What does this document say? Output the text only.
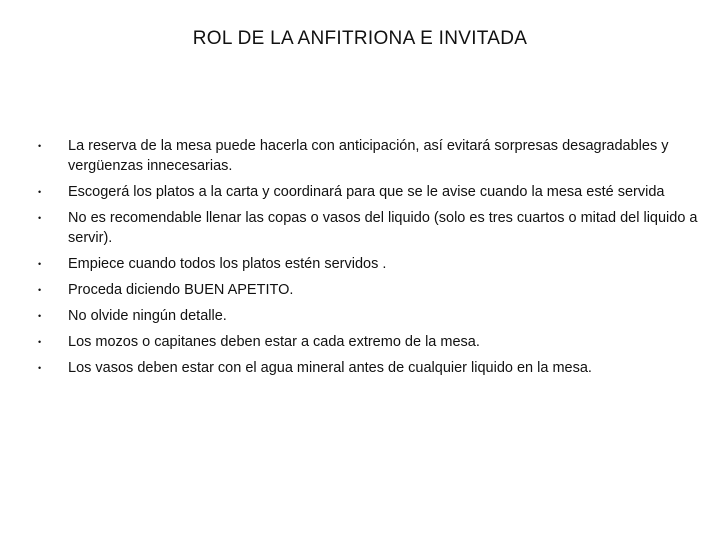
ROL DE LA ANFITRIONA E INVITADA
• La reserva de la mesa puede hacerla con anticipación, así evitará sorpresas desagradables y vergüenzas innecesarias.
• Escogerá los platos a la carta y coordinará para que se le avise cuando la mesa esté servida
• No es recomendable llenar las copas o vasos del liquido (solo es tres cuartos o mitad del liquido a servir).
• Empiece cuando todos los platos estén servidos .
• Proceda diciendo BUEN APETITO.
• No olvide ningún detalle.
• Los mozos o capitanes deben estar a cada extremo de la mesa.
• Los vasos deben estar con el agua mineral antes de cualquier liquido en la mesa.
